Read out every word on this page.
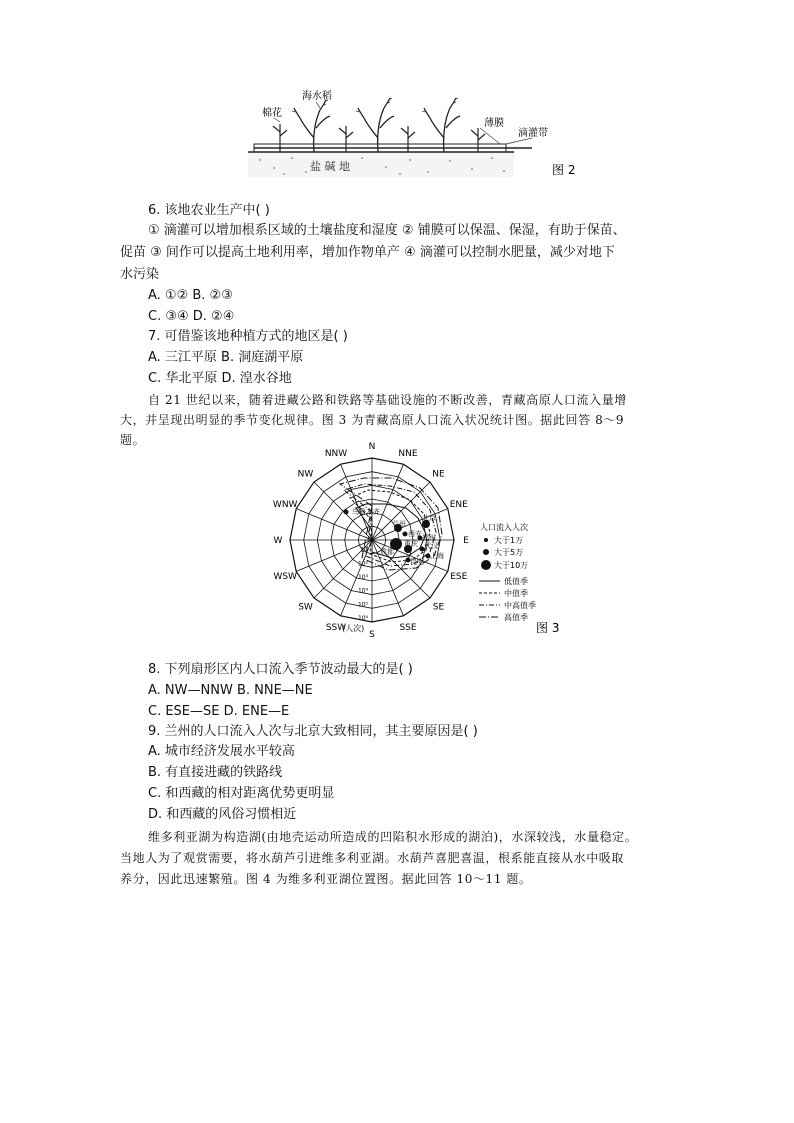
棉花
海水稻
薄膜
滴灌带
盐 碱 地	图 2
6. 该地农业生产中( )
① 滴灌可以增加根系区域的土壤盐度和湿度 ② 铺膜可以保温、保湿，有助于保苗、
促苗 ③ 间作可以提高土地利用率，增加作物单产 ④ 滴灌可以控制水肥量，减少对地下
水污染
A. ①② B. ②③
C. ③④ D. ②④
7. 可借鉴该地种植方式的地区是( )
A. 三江平原 B. 洞庭湖平原
C. 华北平原 D. 湟水谷地
自 21 世纪以来，随着进藏公路和铁路等基础设施的不断改善，青藏高原人口流入量增
大，并呈现出明显的季节变化规律。图 3 为青藏高原人口流入状况统计图。据此回答 8～9
题。	N
NNE
NE
ENE
E
ESE
SE
SSE
S
SSW
SW
WSW
W
WNW
NW
NNW
10
10²
10³
10⁴
10⁵
10⁶
乌鲁木齐
兰州
西安
北京
成都
重庆
郑州
武汉
上海
昆明
(人次)
人口流入人次
大于1万
大于5万
大于10万
低值季
中值季
中高值季
高值季
图 3
8. 下列扇形区内人口流入季节波动最大的是( )
A. NW—NNW B. NNE—NE
C. ESE—SE D. ENE—E
9. 兰州的人口流入人次与北京大致相同，其主要原因是( )
A. 城市经济发展水平较高
B. 有直接进藏的铁路线
C. 和西藏的相对距离优势更明显
D. 和西藏的风俗习惯相近
维多利亚湖为构造湖(由地壳运动所造成的凹陷积水形成的湖泊)，水深较浅，水量稳定。
当地人为了观赏需要，将水葫芦引进维多利亚湖。水葫芦喜肥喜温，根系能直接从水中吸取
养分，因此迅速繁殖。图 4 为维多利亚湖位置图。据此回答 10～11 题。
